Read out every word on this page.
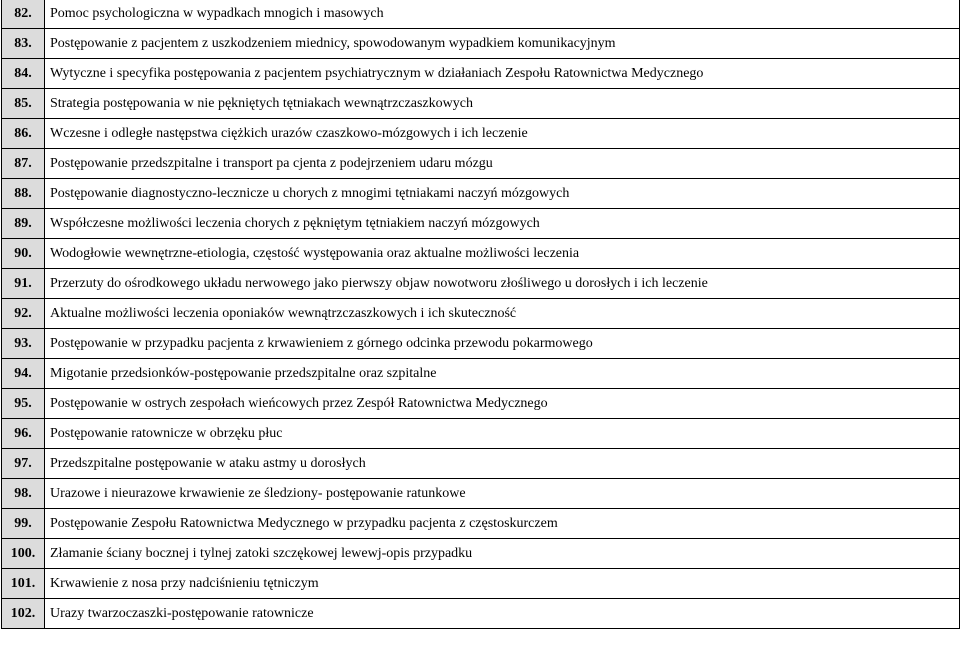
82.	Pomoc psychologiczna w wypadkach mnogich i masowych
83.	Postępowanie z pacjentem z uszkodzeniem miednicy, spowodowanym wypadkiem komunikacyjnym
84.	Wytyczne i specyfika postępowania z pacjentem psychiatrycznym w działaniach Zespołu Ratownictwa Medycznego
85.	Strategia postępowania w nie pękniętych tętniakach wewnątrzczaszkowych
86.	Wczesne i odległe następstwa ciężkich urazów czaszkowo-mózgowych i ich leczenie
87.	Postępowanie przedszpitalne i transport pa cjenta z podejrzeniem udaru mózgu
88.	Postępowanie diagnostyczno-lecznicze u chorych z mnogimi tętniakami naczyń mózgowych
89.	Współczesne możliwości leczenia chorych z pękniętym tętniakiem naczyń mózgowych
90.	Wodogłowie wewnętrzne-etiologia, częstość występowania oraz aktualne możliwości leczenia
91.	Przerzuty do ośrodkowego układu nerwowego jako pierwszy objaw nowotworu złośliwego u dorosłych i ich leczenie
92.	Aktualne możliwości leczenia oponiaków wewnątrzczaszkowych i ich skuteczność
93.	Postępowanie w przypadku pacjenta z krwawieniem z górnego odcinka przewodu pokarmowego
94.	Migotanie przedsionków-postępowanie przedszpitalne oraz szpitalne
95.	Postępowanie w ostrych zespołach wieńcowych przez Zespół Ratownictwa Medycznego
96.	Postępowanie ratownicze w obrzęku płuc
97.	Przedszpitalne postępowanie w ataku astmy u dorosłych
98.	Urazowe i nieurazowe krwawienie ze śledziony- postępowanie ratunkowe
99.	Postępowanie Zespołu Ratownictwa Medycznego w przypadku pacjenta z częstoskurczem
100.	Złamanie ściany bocznej i tylnej zatoki szczękowej lewewj-opis przypadku
101.	Krwawienie z nosa przy nadciśnieniu tętniczym
102.	Urazy twarzoczaszki-postępowanie ratownicze
